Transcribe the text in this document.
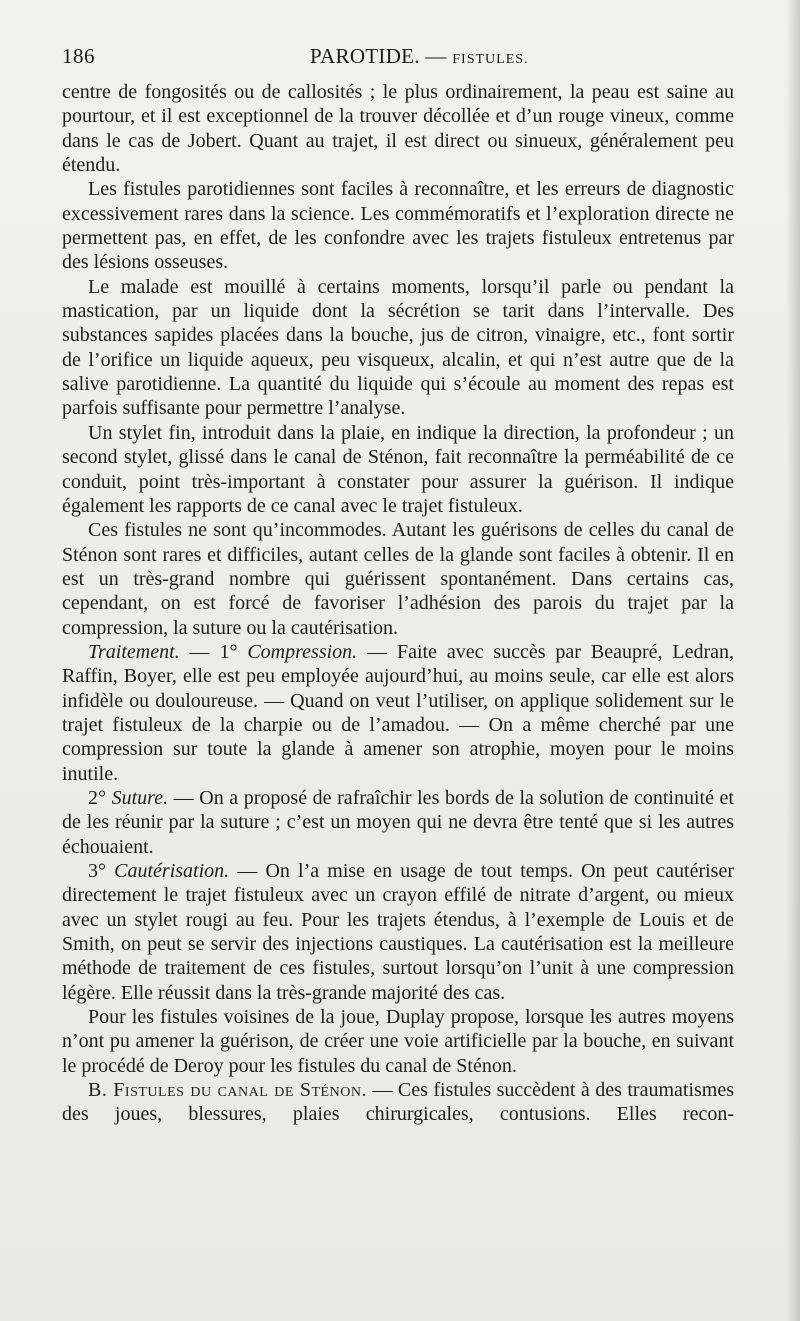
186	PAROTIDE. — FISTULES.

centre de fongosités ou de callosités ; le plus ordinairement, la peau est saine au pourtour, et il est exceptionnel de la trouver décollée et d’un rouge vineux, comme dans le cas de Jobert. Quant au trajet, il est direct ou sinueux, généralement peu étendu.

Les fistules parotidiennes sont faciles à reconnaître, et les erreurs de diagnostic excessivement rares dans la science. Les commémoratifs et l’exploration directe ne permettent pas, en effet, de les confondre avec les trajets fistuleux entretenus par des lésions osseuses.

Le malade est mouillé à certains moments, lorsqu’il parle ou pendant la mastication, par un liquide dont la sécrétion se tarit dans l’intervalle. Des substances sapides placées dans la bouche, jus de citron, vinaigre, etc., font sortir de l’orifice un liquide aqueux, peu visqueux, alcalin, et qui n’est autre que de la salive parotidienne. La quantité du liquide qui s’écoule au moment des repas est parfois suffisante pour permettre l’analyse.

Un stylet fin, introduit dans la plaie, en indique la direction, la profondeur ; un second stylet, glissé dans le canal de Sténon, fait reconnaître la perméabilité de ce conduit, point très-important à constater pour assurer la guérison. Il indique également les rapports de ce canal avec le trajet fistuleux.

Ces fistules ne sont qu’incommodes. Autant les guérisons de celles du canal de Sténon sont rares et difficiles, autant celles de la glande sont faciles à obtenir. Il en est un très-grand nombre qui guérissent spontanément. Dans certains cas, cependant, on est forcé de favoriser l’adhésion des parois du trajet par la compression, la suture ou la cautérisation.

Traitement. — 1° Compression. — Faite avec succès par Beaupré, Ledran, Raffin, Boyer, elle est peu employée aujourd’hui, au moins seule, car elle est alors infidèle ou douloureuse. — Quand on veut l’utiliser, on applique solidement sur le trajet fistuleux de la charpie ou de l’amadou. — On a même cherché par une compression sur toute la glande à amener son atrophie, moyen pour le moins inutile.

2° Suture. — On a proposé de rafraîchir les bords de la solution de continuité et de les réunir par la suture ; c’est un moyen qui ne devra être tenté que si les autres échouaient.

3° Cautérisation. — On l’a mise en usage de tout temps. On peut cautériser directement le trajet fistuleux avec un crayon effilé de nitrate d’argent, ou mieux avec un stylet rougi au feu. Pour les trajets étendus, à l’exemple de Louis et de Smith, on peut se servir des injections caustiques. La cautérisation est la meilleure méthode de traitement de ces fistules, surtout lorsqu’on l’unit à une compression légère. Elle réussit dans la très-grande majorité des cas.

Pour les fistules voisines de la joue, Duplay propose, lorsque les autres moyens n’ont pu amener la guérison, de créer une voie artificielle par la bouche, en suivant le procédé de Deroy pour les fistules du canal de Sténon.

B. Fistules du canal de Sténon. — Ces fistules succèdent à des traumatismes des joues, blessures, plaies chirurgicales, contusions. Elles recon-
